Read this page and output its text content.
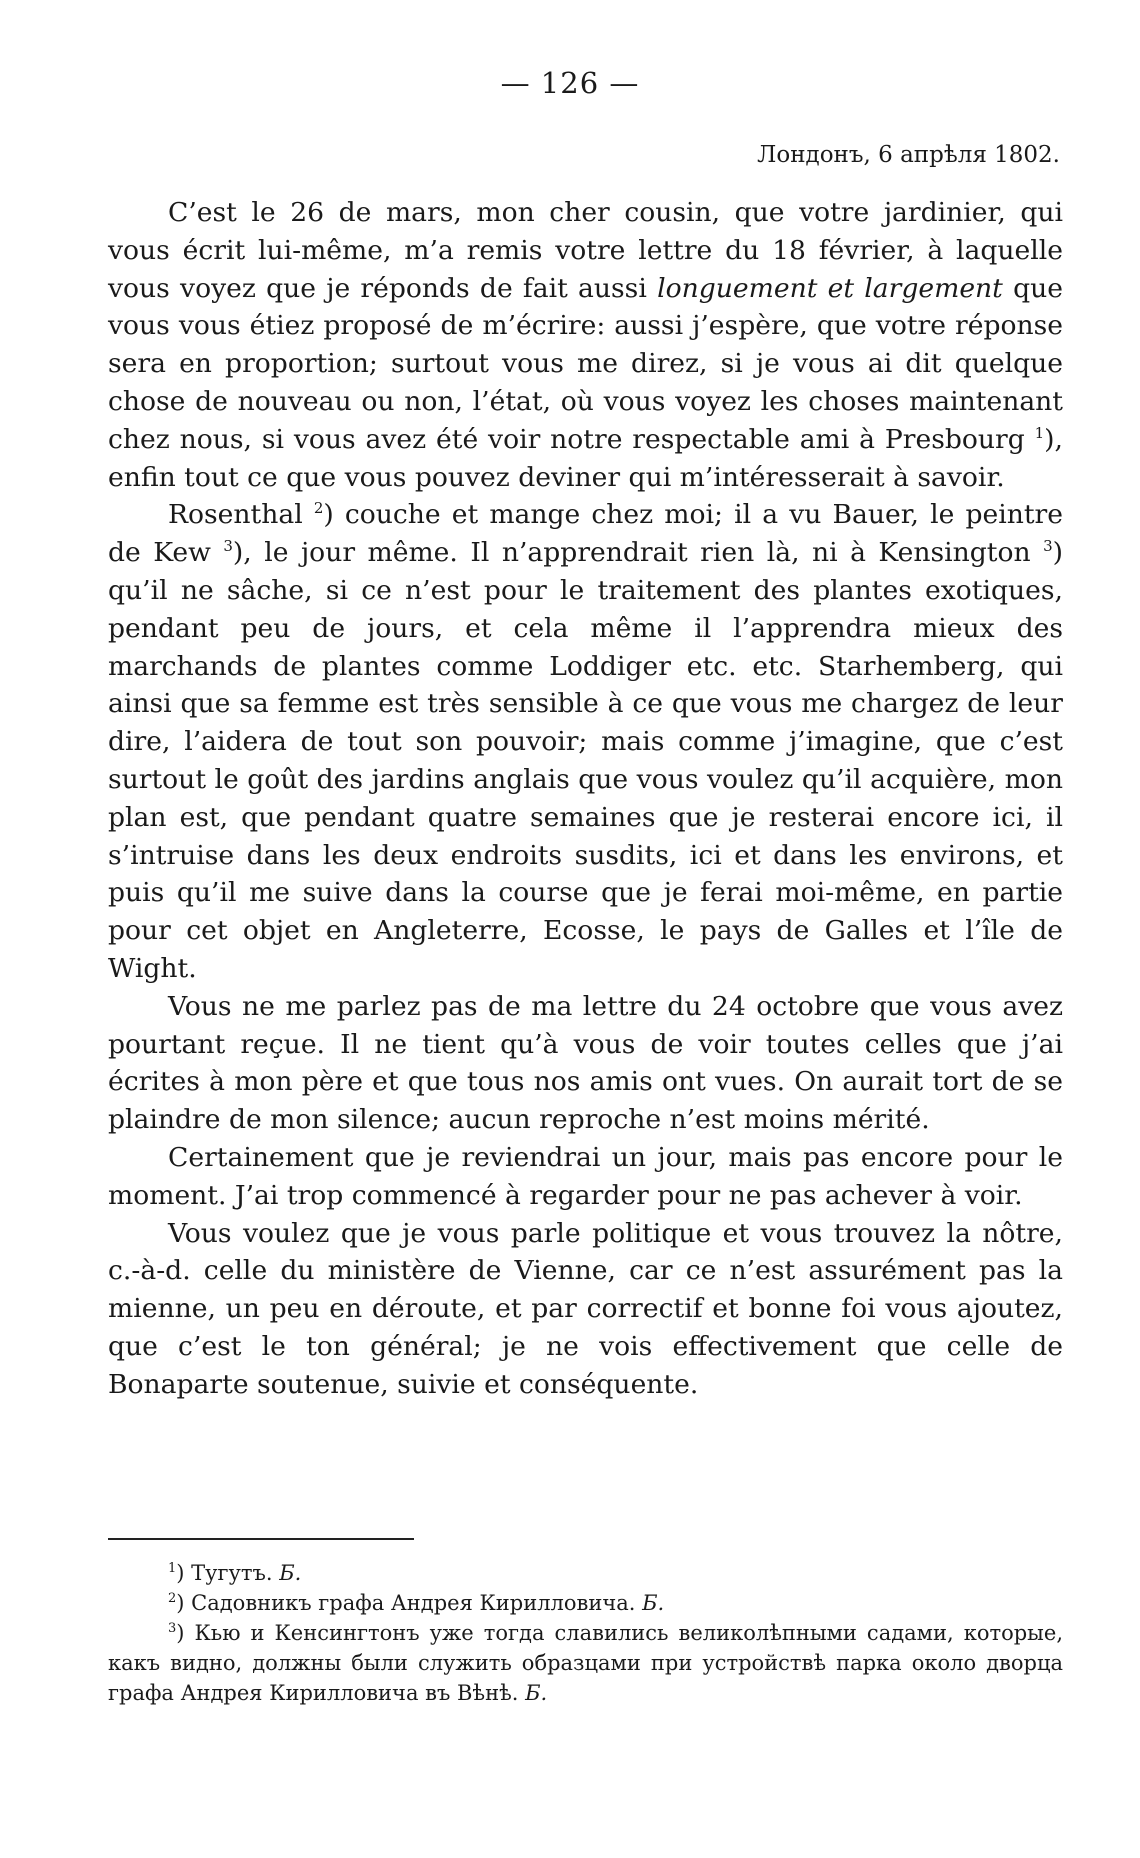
— 126 —
Лондонъ, 6 апрѣля 1802.

C’est le 26 de mars, mon cher cousin, que votre jardinier, qui vous écrit lui-même, m’a remis votre lettre du 18 février, à laquelle vous voyez que je réponds de fait aussi longuement et largement que vous vous étiez proposé de m’écrire: aussi j’espère, que votre réponse sera en proportion; surtout vous me direz, si je vous ai dit quelque chose de nouveau ou non, l’état, où vous voyez les choses maintenant chez nous, si vous avez été voir notre respectable ami à Presbourg $^1$), enfin tout ce que vous pouvez deviner qui m’intéresserait à savoir.

Rosenthal $^2$) couche et mange chez moi; il a vu Bauer, le peintre de Kew $^3$), le jour même. Il n’apprendrait rien là, ni à Kensington $^3$) qu’il ne sâche, si ce n’est pour le traitement des plantes exotiques, pendant peu de jours, et cela même il l’apprendra mieux des marchands de plantes comme Loddiger etc. etc. Starhemberg, qui ainsi que sa femme est très sensible à ce que vous me chargez de leur dire, l’aidera de tout son pouvoir; mais comme j’imagine, que c’est surtout le goût des jardins anglais que vous voulez qu’il acquière, mon plan est, que pendant quatre semaines que je resterai encore ici, il s’intruise dans les deux endroits susdits, ici et dans les environs, et puis qu’il me suive dans la course que je ferai moi-même, en partie pour cet objet en Angleterre, Ecosse, le pays de Galles et l’île de Wight.

Vous ne me parlez pas de ma lettre du 24 octobre que vous avez pourtant reçue. Il ne tient qu’à vous de voir toutes celles que j’ai écrites à mon père et que tous nos amis ont vues. On aurait tort de se plaindre de mon silence; aucun reproche n’est moins mérité.

Certainement que je reviendrai un jour, mais pas encore pour le moment. J’ai trop commencé à regarder pour ne pas achever à voir.

Vous voulez que je vous parle politique et vous trouvez la nôtre, c.-à-d. celle du ministère de Vienne, car ce n’est assurément pas la mienne, un peu en déroute, et par correctif et bonne foi vous ajoutez, que c’est le ton général; je ne vois effectivement que celle de Bonaparte soutenue, suivie et conséquente.

$^1$) Тугутъ. Б.

$^2$) Садовникъ графа Андрея Кирилловича. Б.

$^3$) Кью и Кенсингтонъ уже тогда славились великолѣпными садами, которые, какъ видно, должны были служить образцами при устройствѣ парка около дворца графа Андрея Кирилловича въ Вѣнѣ. Б.
